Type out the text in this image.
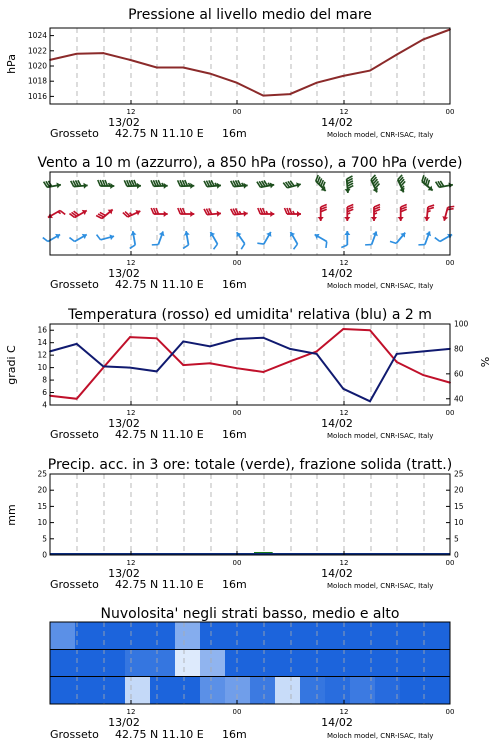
Pressione al livello medio del mare
1016
1018
1020
1022
1024
hPa
12	00	12	00
13/02	14/02
Grosseto 42.75 N 11.10 E 16m	Moloch model, CNR-ISAC, Italy
Vento a 10 m (azzurro), a 850 hPa (rosso), a 700 hPa (verde)
12	00	12	00
13/02	14/02
Grosseto 42.75 N 11.10 E 16m	Moloch model, CNR-ISAC, Italy
Temperatura (rosso) ed umidita' relativa (blu) a 2 m
4
6
8
10
12
14
16
40
60
80
100
gradi C	%
12	00	12	00
13/02	14/02
Grosseto 42.75 N 11.10 E 16m	Moloch model, CNR-ISAC, Italy
Precip. acc. in 3 ore: totale (verde), frazione solida (tratt.)
0
5
10
15
20
25
0
5
10
15
20
25
mm
12	00	12	00
13/02	14/02
Grosseto 42.75 N 11.10 E 16m	Moloch model, CNR-ISAC, Italy
Nuvolosita' negli strati basso, medio e alto
12	00	12	00
13/02	14/02
Grosseto 42.75 N 11.10 E 16m	Moloch model, CNR-ISAC, Italy
